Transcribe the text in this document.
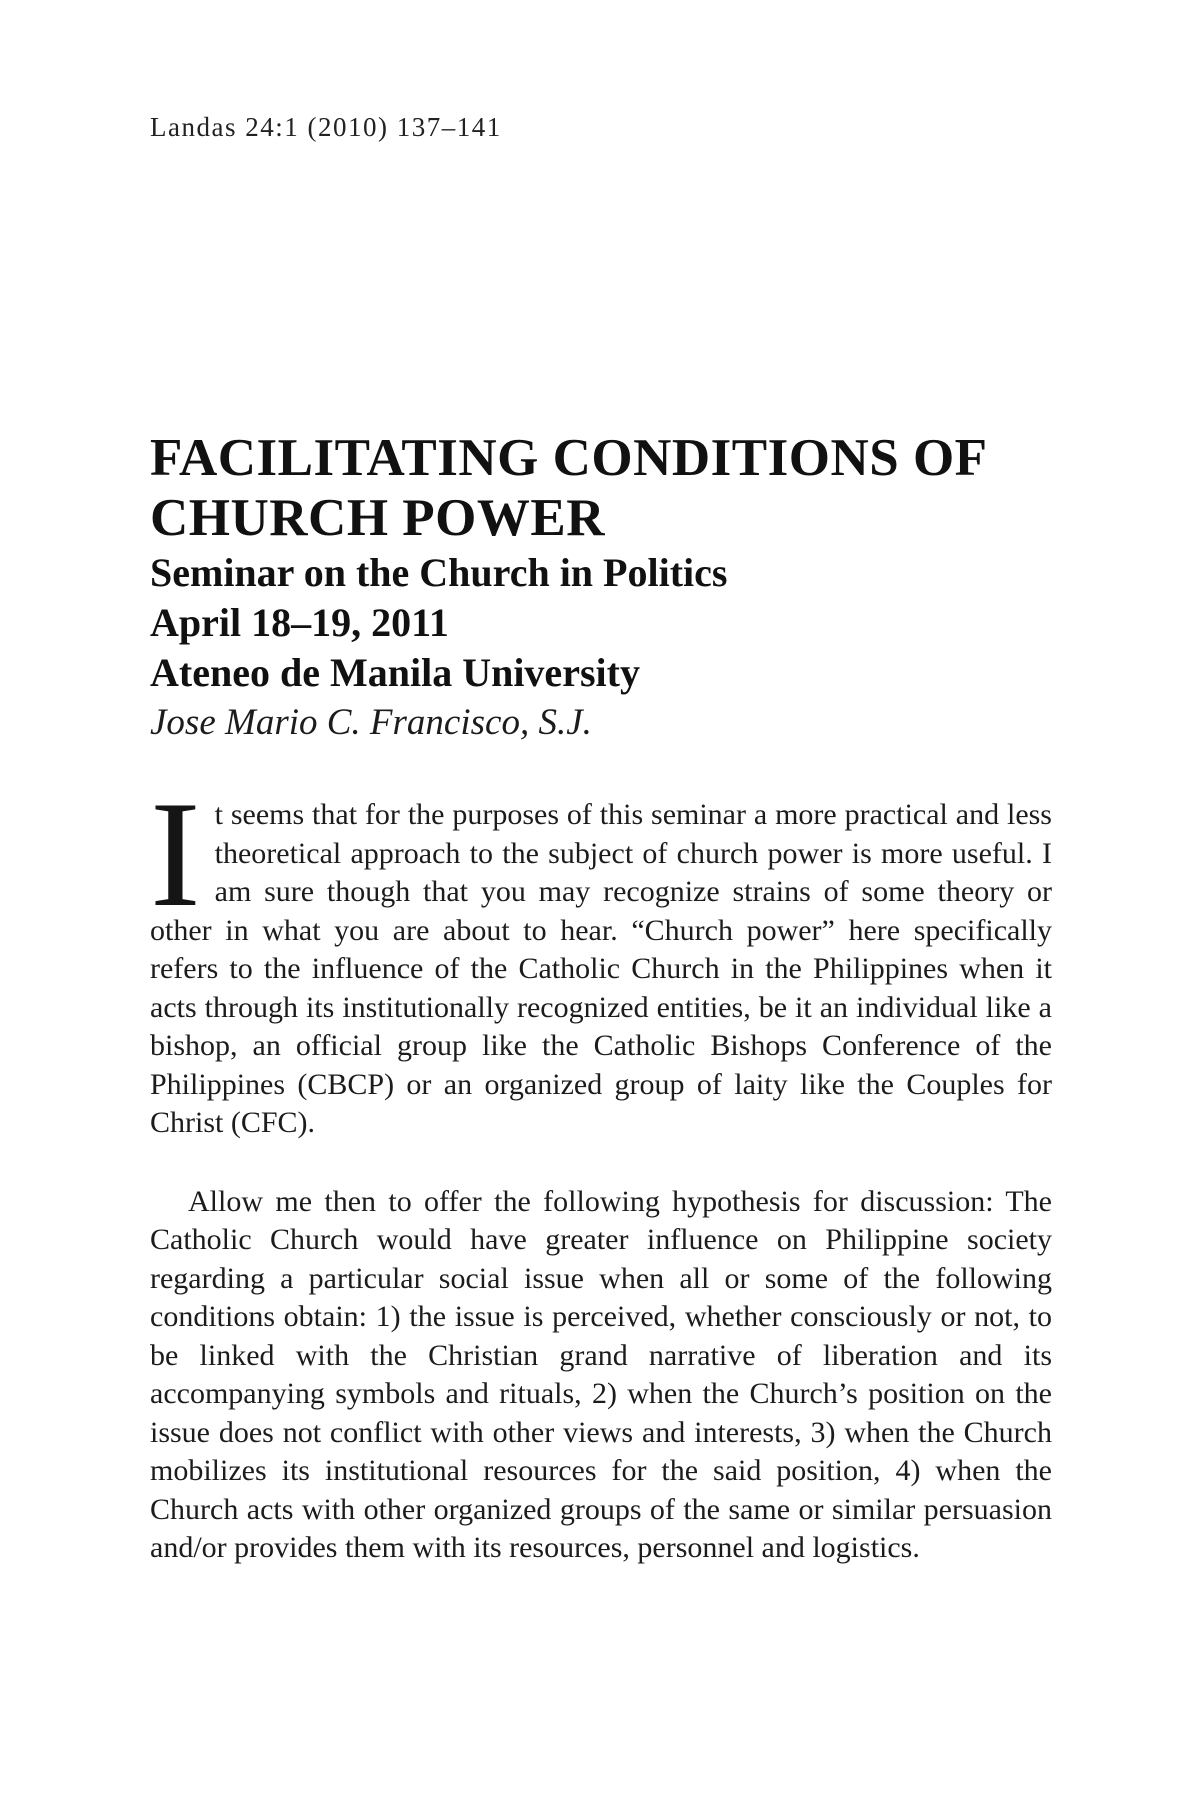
Landas 24:1 (2010) 137–141
FACILITATING CONDITIONS OF
CHURCH POWER
Seminar on the Church in Politics
April 18–19, 2011
Ateneo de Manila University
Jose Mario C. Francisco, S.J.

It seems that for the purposes of this seminar a more practical and less theoretical approach to the subject of church power is more useful. I am sure though that you may recognize strains of some theory or other in what you are about to hear. “Church power” here specifically refers to the influence of the Catholic Church in the Philippines when it acts through its institutionally recognized entities, be it an individual like a bishop, an official group like the Catholic Bishops Conference of the Philippines (CBCP) or an organized group of laity like the Couples for Christ (CFC).

Allow me then to offer the following hypothesis for discussion: The Catholic Church would have greater influence on Philippine society regarding a particular social issue when all or some of the following conditions obtain: 1) the issue is perceived, whether consciously or not, to be linked with the Christian grand narrative of liberation and its accompanying symbols and rituals, 2) when the Church’s position on the issue does not conflict with other views and interests, 3) when the Church mobilizes its institutional resources for the said position, 4) when the Church acts with other organized groups of the same or similar persuasion and/or provides them with its resources, personnel and logistics.
